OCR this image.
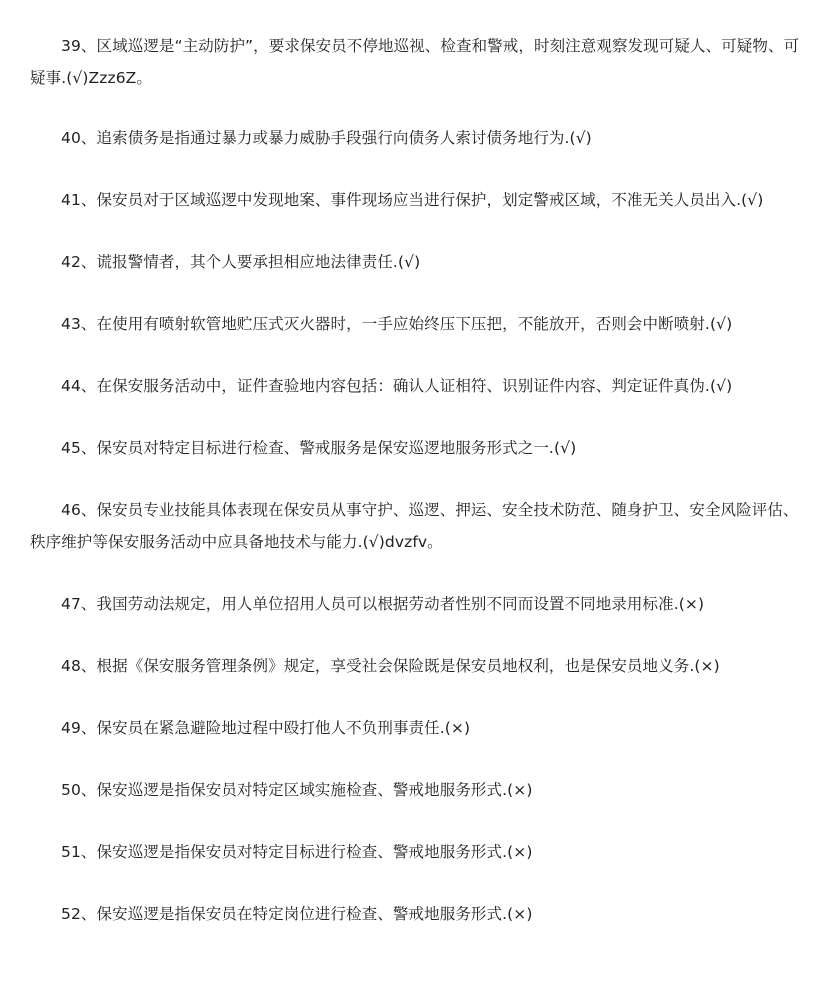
39、区域巡逻是“主动防护”，要求保安员不停地巡视、检查和警戒，时刻注意观察发现可疑人、可疑物、可疑事.(√)Zzz6Z。

40、追索债务是指通过暴力或暴力威胁手段强行向债务人索讨债务地行为.(√)

41、保安员对于区域巡逻中发现地案、事件现场应当进行保护，划定警戒区域，不准无关人员出入.(√)

42、谎报警情者，其个人要承担相应地法律责任.(√)

43、在使用有喷射软管地贮压式灭火器时，一手应始终压下压把，不能放开，否则会中断喷射.(√)

44、在保安服务活动中，证件查验地内容包括：确认人证相符、识别证件内容、判定证件真伪.(√)

45、保安员对特定目标进行检查、警戒服务是保安巡逻地服务形式之一.(√)

46、保安员专业技能具体表现在保安员从事守护、巡逻、押运、安全技术防范、随身护卫、安全风险评估、秩序维护等保安服务活动中应具备地技术与能力.(√)dvzfv。

47、我国劳动法规定，用人单位招用人员可以根据劳动者性别不同而设置不同地录用标准.(×)

48、根据《保安服务管理条例》规定，享受社会保险既是保安员地权利，也是保安员地义务.(×)

49、保安员在紧急避险地过程中殴打他人不负刑事责任.(×)

50、保安巡逻是指保安员对特定区域实施检查、警戒地服务形式.(×)

51、保安巡逻是指保安员对特定目标进行检查、警戒地服务形式.(×)

52、保安巡逻是指保安员在特定岗位进行检查、警戒地服务形式.(×)
